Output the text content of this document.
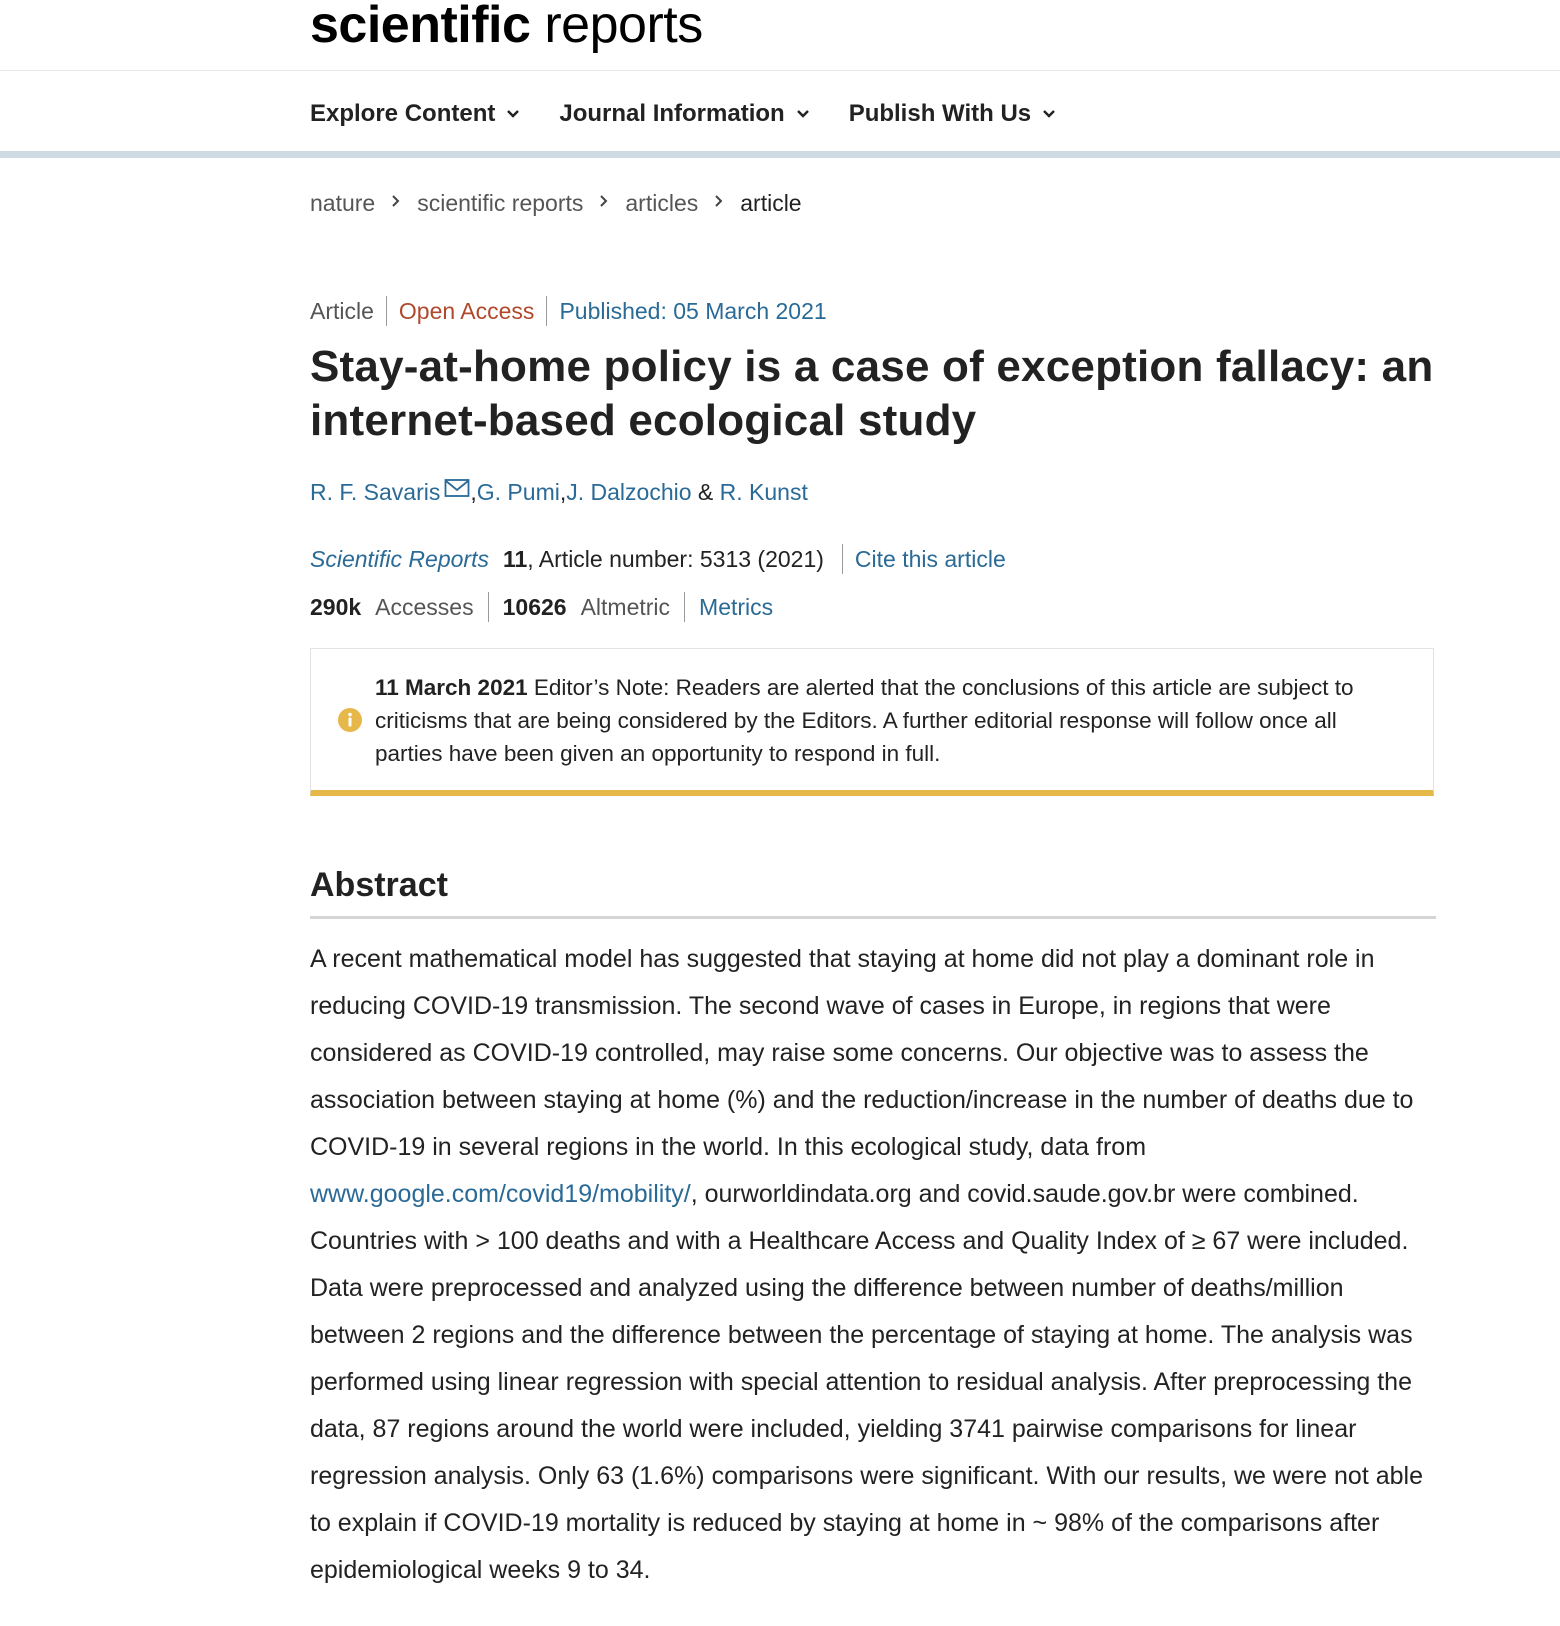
scientific reports
Explore Content	Journal Information	Publish With Us
nature scientific reports articles article
Article	Open Access	Published: 05 March 2021
Stay-at-home policy is a case of exception fallacy: an internet-based ecological study
R. F. Savaris , G. Pumi , J. Dalzochio & R. Kunst
Scientific Reports 11 , Article number: 5313 (2021)	Cite this article
290k Accesses 10626 Altmetric Metrics
11 March 2021 Editor’s Note: Readers are alerted that the conclusions of this article are subject to criticisms that are being considered by the Editors. A further editorial response will follow once all parties have been given an opportunity to respond in full.
Abstract

A recent mathematical model has suggested that staying at home did not play a dominant role in reducing COVID-19 transmission. The second wave of cases in Europe, in regions that were considered as COVID-19 controlled, may raise some concerns. Our objective was to assess the association between staying at home (%) and the reduction/increase in the number of deaths due to COVID-19 in several regions in the world. In this ecological study, data from www.google.com/covid19/mobility/, ourworldindata.org and covid.saude.gov.br were combined. Countries with > 100 deaths and with a Healthcare Access and Quality Index of ≥ 67 were included. Data were preprocessed and analyzed using the difference between number of deaths/million between 2 regions and the difference between the percentage of staying at home. The analysis was performed using linear regression with special attention to residual analysis. After preprocessing the data, 87 regions around the world were included, yielding 3741 pairwise comparisons for linear regression analysis. Only 63 (1.6%) comparisons were significant. With our results, we were not able to explain if COVID-19 mortality is reduced by staying at home in ~ 98% of the comparisons after epidemiological weeks 9 to 34.
